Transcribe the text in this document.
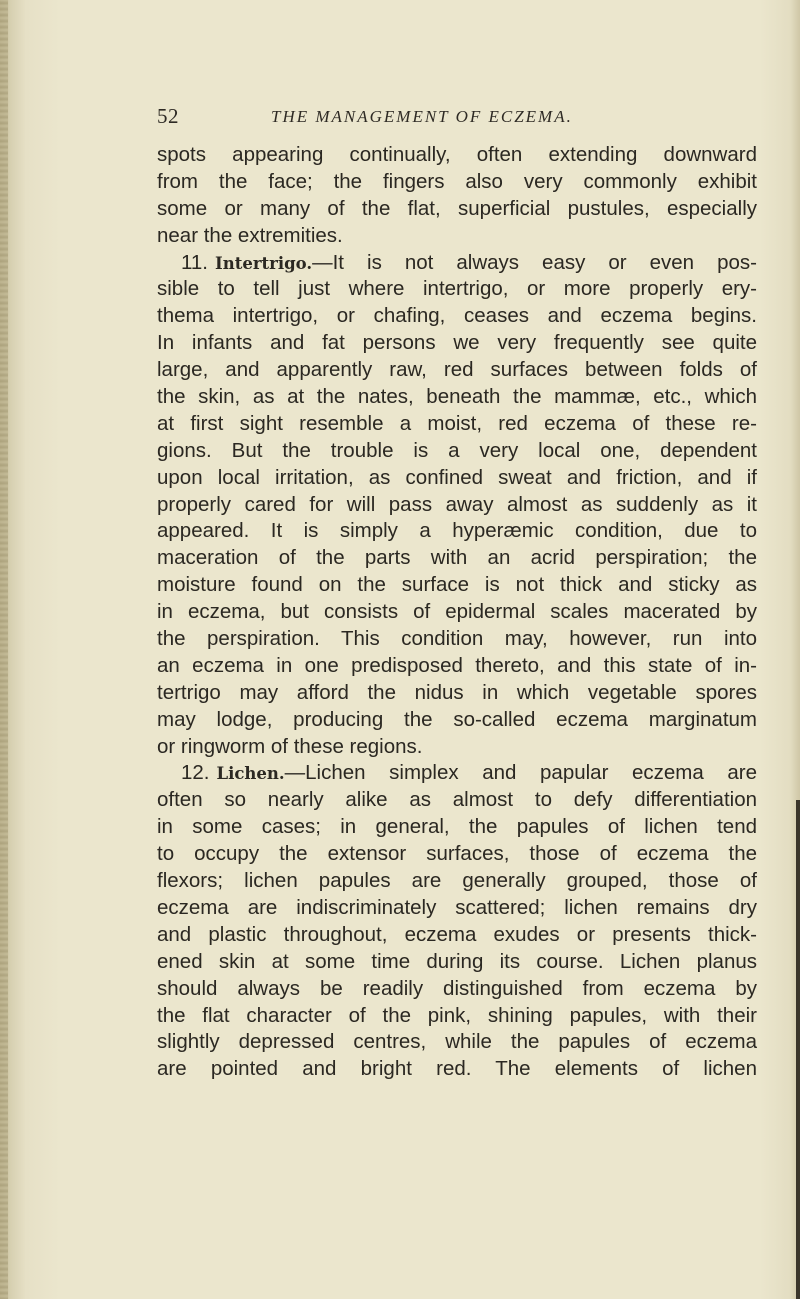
52	THE MANAGEMENT OF ECZEMA.
spots appearing continually, often extending downward
from the face; the fingers also very commonly exhibit
some or many of the flat, superficial pustules, especially
near the extremities.
11. Intertrigo.—It is not always easy or even pos-
sible to tell just where intertrigo, or more properly ery-
thema intertrigo, or chafing, ceases and eczema begins.
In infants and fat persons we very frequently see quite
large, and apparently raw, red surfaces between folds of
the skin, as at the nates, beneath the mammæ, etc., which
at first sight resemble a moist, red eczema of these re-
gions. But the trouble is a very local one, dependent
upon local irritation, as confined sweat and friction, and if
properly cared for will pass away almost as suddenly as it
appeared. It is simply a hyperæmic condition, due to
maceration of the parts with an acrid perspiration; the
moisture found on the surface is not thick and sticky as
in eczema, but consists of epidermal scales macerated by
the perspiration. This condition may, however, run into
an eczema in one predisposed thereto, and this state of in-
tertrigo may afford the nidus in which vegetable spores
may lodge, producing the so-called eczema marginatum
or ringworm of these regions.
12. Lichen.—Lichen simplex and papular eczema are
often so nearly alike as almost to defy differentiation
in some cases; in general, the papules of lichen tend
to occupy the extensor surfaces, those of eczema the
flexors; lichen papules are generally grouped, those of
eczema are indiscriminately scattered; lichen remains dry
and plastic throughout, eczema exudes or presents thick-
ened skin at some time during its course. Lichen planus
should always be readily distinguished from eczema by
the flat character of the pink, shining papules, with their
slightly depressed centres, while the papules of eczema
are pointed and bright red. The elements of lichen
